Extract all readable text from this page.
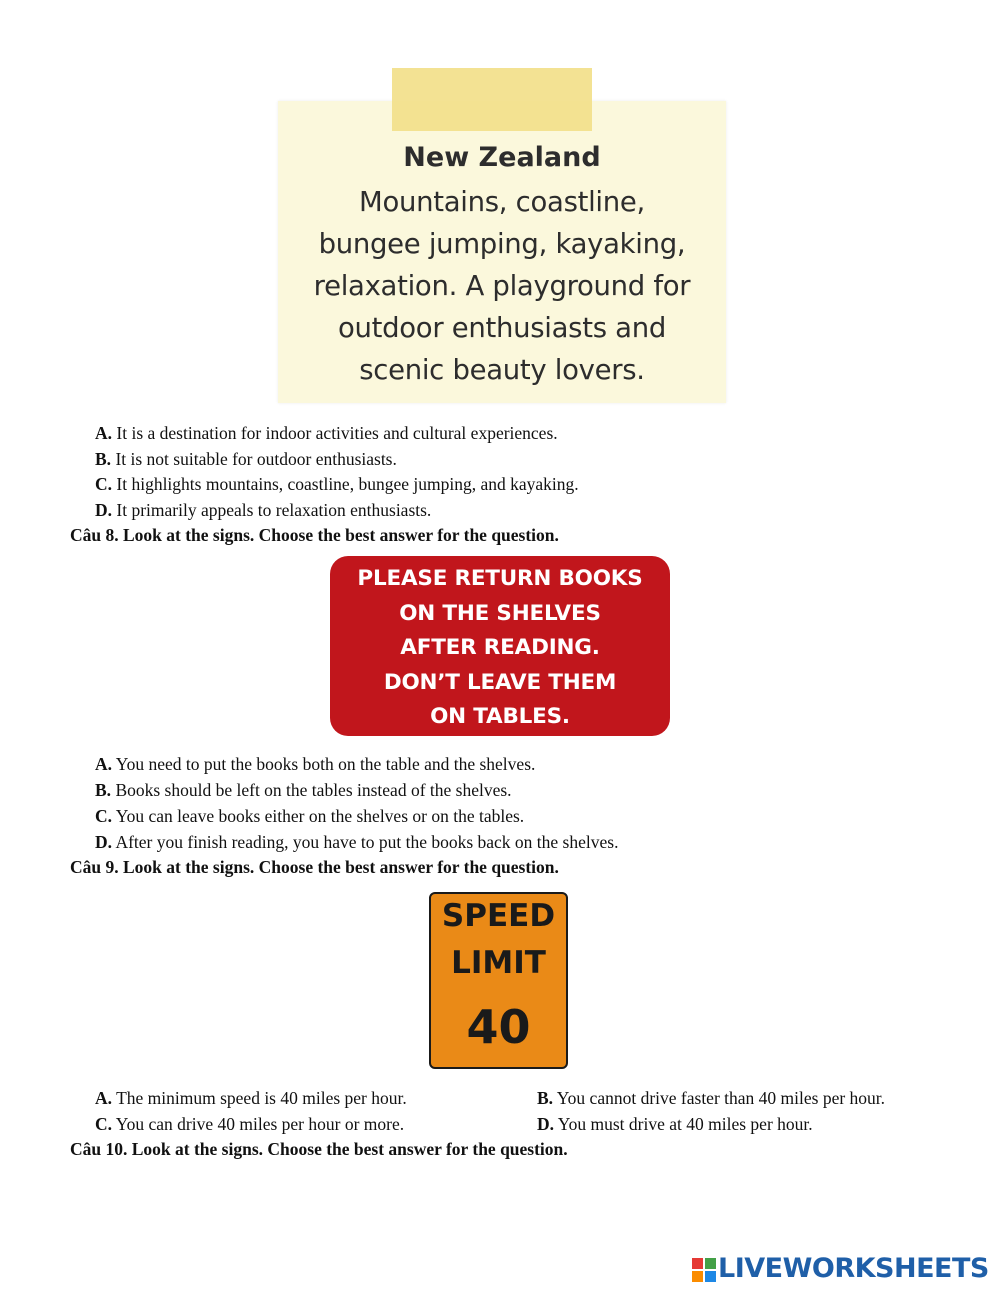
New Zealand
Mountains, coastline,
bungee jumping, kayaking,
relaxation. A playground for
outdoor enthusiasts and
scenic beauty lovers.
A. It is a destination for indoor activities and cultural experiences.
B. It is not suitable for outdoor enthusiasts.
C. It highlights mountains, coastline, bungee jumping, and kayaking.
D. It primarily appeals to relaxation enthusiasts.
Câu 8. Look at the signs. Choose the best answer for the question.
PLEASE RETURN BOOKS
ON THE SHELVES
AFTER READING.
DON’T LEAVE THEM
ON TABLES.
A. You need to put the books both on the table and the shelves.
B. Books should be left on the tables instead of the shelves.
C. You can leave books either on the shelves or on the tables.
D. After you finish reading, you have to put the books back on the shelves.
Câu 9. Look at the signs. Choose the best answer for the question.
SPEED
LIMIT
40
A. The minimum speed is 40 miles per hour.	B. You cannot drive faster than 40 miles per hour.
C. You can drive 40 miles per hour or more.	D. You must drive at 40 miles per hour.
Câu 10. Look at the signs. Choose the best answer for the question.
LIVEWORKSHEETS
